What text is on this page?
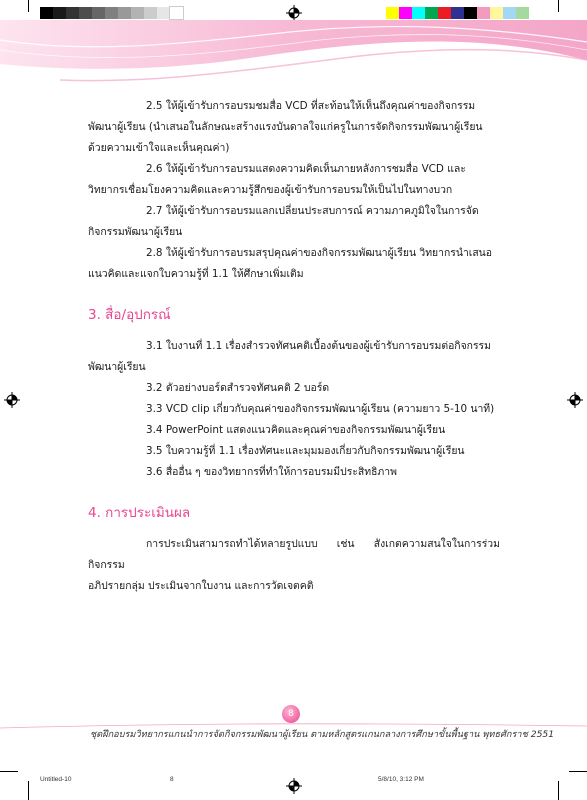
2.5 ให้ผู้เข้ารับการอบรมชมสื่อ VCD ที่สะท้อนให้เห็นถึงคุณค่าของกิจกรรม

พัฒนาผู้เรียน (นำเสนอในลักษณะสร้างแรงบันดาลใจแก่ครูในการจัดกิจกรรมพัฒนาผู้เรียน

ด้วยความเข้าใจและเห็นคุณค่า)

2.6 ให้ผู้เข้ารับการอบรมแสดงความคิดเห็นภายหลังการชมสื่อ VCD และ

วิทยากรเชื่อมโยงความคิดและความรู้สึกของผู้เข้ารับการอบรมให้เป็นไปในทางบวก

2.7 ให้ผู้เข้ารับการอบรมแลกเปลี่ยนประสบการณ์ ความภาคภูมิใจในการจัด

กิจกรรมพัฒนาผู้เรียน

2.8 ให้ผู้เข้ารับการอบรมสรุปคุณค่าของกิจกรรมพัฒนาผู้เรียน วิทยากรนำเสนอ

แนวคิดและแจกใบความรู้ที่ 1.1 ให้ศึกษาเพิ่มเติม

3. สื่อ/อุปกรณ์

3.1 ใบงานที่ 1.1 เรื่องสำรวจทัศนคติเบื้องต้นของผู้เข้ารับการอบรมต่อกิจกรรม

พัฒนาผู้เรียน

3.2 ตัวอย่างบอร์ดสำรวจทัศนคติ 2 บอร์ด

3.3 VCD clip เกี่ยวกับคุณค่าของกิจกรรมพัฒนาผู้เรียน (ความยาว 5-10 นาที)

3.4 PowerPoint แสดงแนวคิดและคุณค่าของกิจกรรมพัฒนาผู้เรียน

3.5 ใบความรู้ที่ 1.1 เรื่องทัศนะและมุมมองเกี่ยวกับกิจกรรมพัฒนาผู้เรียน

3.6 สื่ออื่น ๆ ของวิทยากรที่ทำให้การอบรมมีประสิทธิภาพ

4. การประเมินผล

การประเมินสามารถทำได้หลายรูปแบบ เช่น สังเกตความสนใจในการร่วมกิจกรรม

อภิปรายกลุ่ม ประเมินจากใบงาน และการวัดเจตคติ

8
ชุดฝึกอบรมวิทยากรแกนนำการจัดกิจกรรมพัฒนาผู้เรียน ตามหลักสูตรแกนกลางการศึกษาขั้นพื้นฐาน พุทธศักราช 2551
Untitled-10	8	5/8/10, 3:12 PM
